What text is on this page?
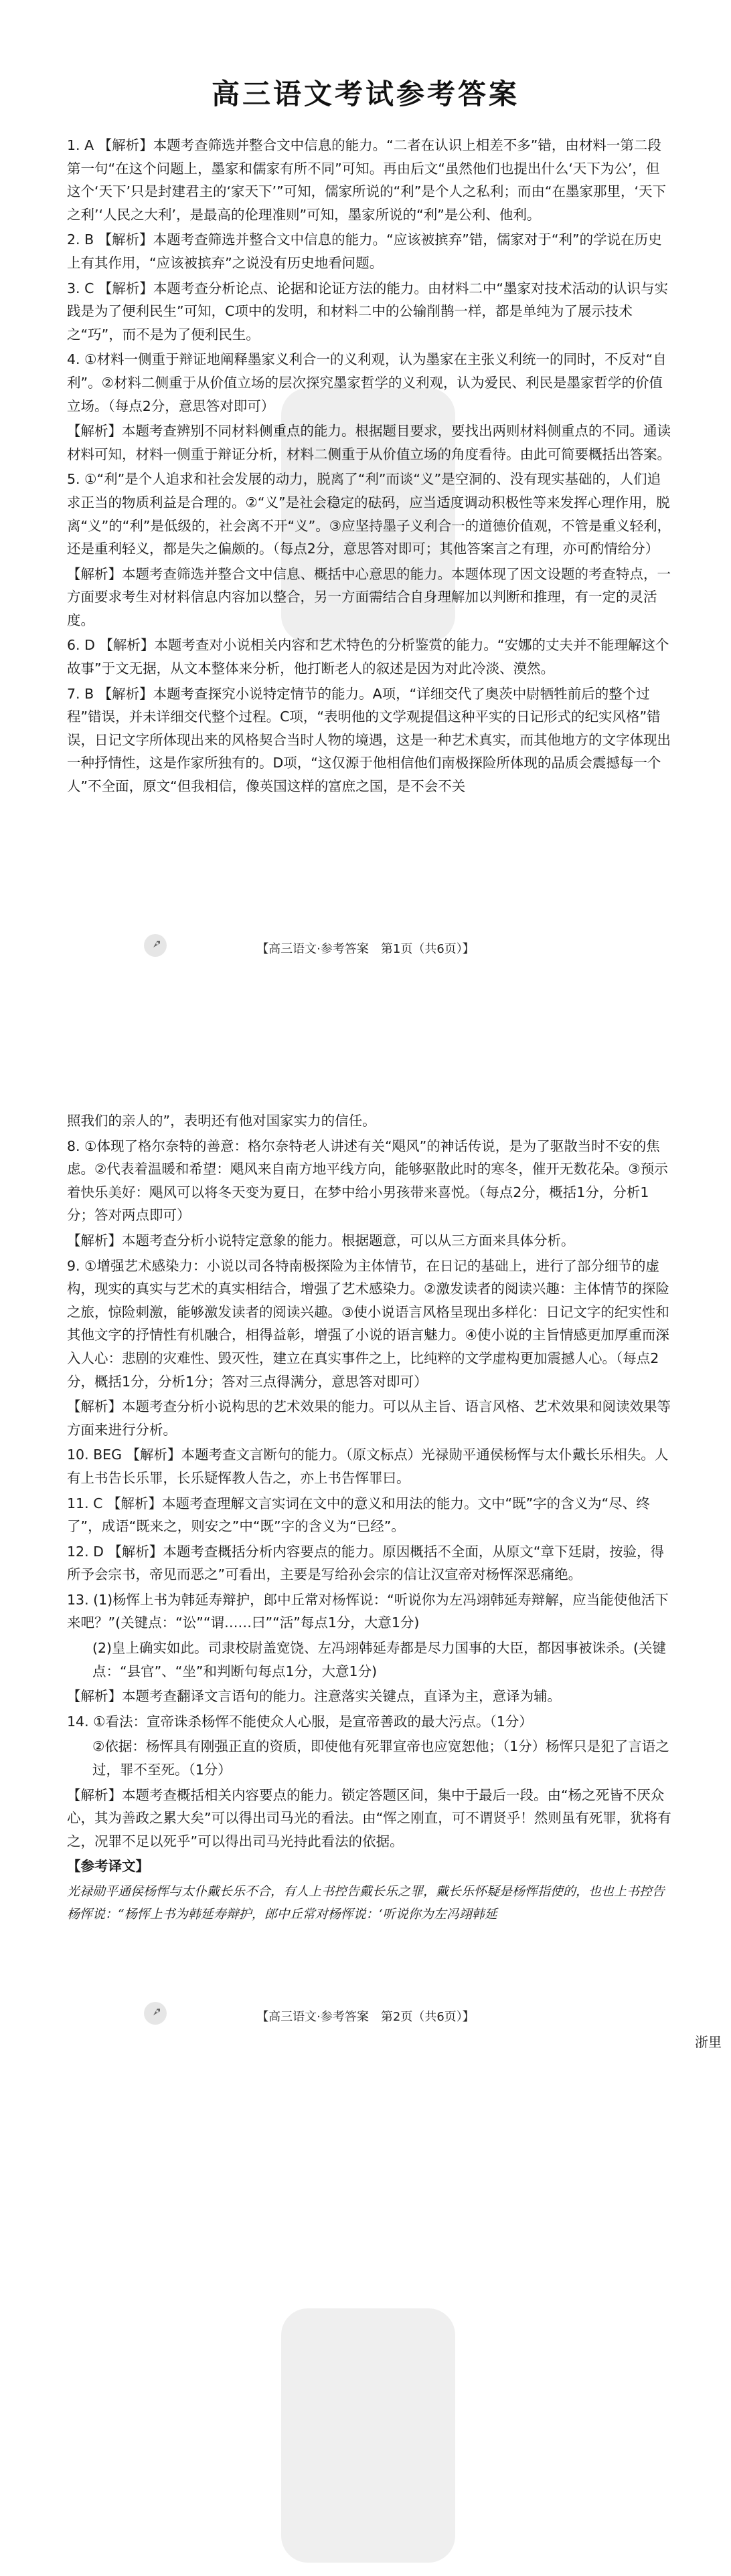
高三语文考试参考答案

1. A 【解析】本题考查筛选并整合文中信息的能力。“二者在认识上相差不多”错，由材料一第二段第一句“在这个问题上，墨家和儒家有所不同”可知。再由后文“虽然他们也提出什么‘天下为公’，但这个‘天下’只是封建君主的‘家天下’”可知，儒家所说的“利”是个人之私利；而由“在墨家那里，‘天下之利’‘人民之大利’，是最高的伦理准则”可知，墨家所说的“利”是公利、他利。

2. B 【解析】本题考查筛选并整合文中信息的能力。“应该被摈弃”错，儒家对于“利”的学说在历史上有其作用，“应该被摈弃”之说没有历史地看问题。

3. C 【解析】本题考查分析论点、论据和论证方法的能力。由材料二中“墨家对技术活动的认识与实践是为了便利民生”可知，C项中的发明，和材料二中的公输削鹊一样，都是单纯为了展示技术之“巧”，而不是为了便利民生。

4. ①材料一侧重于辩证地阐释墨家义利合一的义利观，认为墨家在主张义利统一的同时，不反对“自利”。②材料二侧重于从价值立场的层次探究墨家哲学的义利观，认为爱民、利民是墨家哲学的价值立场。（每点2分，意思答对即可）

【解析】本题考查辨别不同材料侧重点的能力。根据题目要求，要找出两则材料侧重点的不同。通读材料可知，材料一侧重于辩证分析，材料二侧重于从价值立场的角度看待。由此可简要概括出答案。

5. ①“利”是个人追求和社会发展的动力，脱离了“利”而谈“义”是空洞的、没有现实基础的，人们追求正当的物质利益是合理的。②“义”是社会稳定的砝码，应当适度调动积极性等来发挥心理作用，脱离“义”的“利”是低级的，社会离不开“义”。③应坚持墨子义利合一的道德价值观，不管是重义轻利，还是重利轻义，都是失之偏颇的。（每点2分，意思答对即可；其他答案言之有理，亦可酌情给分）

【解析】本题考查筛选并整合文中信息、概括中心意思的能力。本题体现了因文设题的考查特点，一方面要求考生对材料信息内容加以整合，另一方面需结合自身理解加以判断和推理，有一定的灵活度。

6. D 【解析】本题考查对小说相关内容和艺术特色的分析鉴赏的能力。“安娜的丈夫并不能理解这个故事”于文无据，从文本整体来分析，他打断老人的叙述是因为对此冷淡、漠然。

7. B 【解析】本题考查探究小说特定情节的能力。A项，“详细交代了奥茨中尉牺牲前后的整个过程”错误，并未详细交代整个过程。C项，“表明他的文学观提倡这种平实的日记形式的纪实风格”错误，日记文字所体现出来的风格契合当时人物的境遇，这是一种艺术真实，而其他地方的文字体现出一种抒情性，这是作家所独有的。D项，“这仅源于他相信他们南极探险所体现的品质会震撼每一个人”不全面，原文“但我相信，像英国这样的富庶之国，是不会不关

【高三语文·参考答案　第1页（共6页）】

照我们的亲人的”，表明还有他对国家实力的信任。

8. ①体现了格尔奈特的善意：格尔奈特老人讲述有关“飓风”的神话传说，是为了驱散当时不安的焦虑。②代表着温暖和希望：飓风来自南方地平线方向，能够驱散此时的寒冬，催开无数花朵。③预示着快乐美好：飓风可以将冬天变为夏日，在梦中给小男孩带来喜悦。（每点2分，概括1分，分析1分；答对两点即可）

【解析】本题考查分析小说特定意象的能力。根据题意，可以从三方面来具体分析。

9. ①增强艺术感染力：小说以司各特南极探险为主体情节，在日记的基础上，进行了部分细节的虚构，现实的真实与艺术的真实相结合，增强了艺术感染力。②激发读者的阅读兴趣：主体情节的探险之旅，惊险刺激，能够激发读者的阅读兴趣。③使小说语言风格呈现出多样化：日记文字的纪实性和其他文字的抒情性有机融合，相得益彰，增强了小说的语言魅力。④使小说的主旨情感更加厚重而深入人心：悲剧的灾难性、毁灭性，建立在真实事件之上，比纯粹的文学虚构更加震撼人心。（每点2分，概括1分，分析1分；答对三点得满分，意思答对即可）

【解析】本题考查分析小说构思的艺术效果的能力。可以从主旨、语言风格、艺术效果和阅读效果等方面来进行分析。

10. BEG 【解析】本题考查文言断句的能力。（原文标点）光禄勋平通侯杨恽与太仆戴长乐相失。人有上书告长乐罪，长乐疑恽教人告之，亦上书告恽罪曰。

11. C 【解析】本题考查理解文言实词在文中的意义和用法的能力。文中“既”字的含义为“尽、终了”，成语“既来之，则安之”中“既”字的含义为“已经”。

12. D 【解析】本题考查概括分析内容要点的能力。原因概括不全面，从原文“章下廷尉，按验，得所予会宗书，帝见而恶之”可看出，主要是写给孙会宗的信让汉宣帝对杨恽深恶痛绝。

13. (1)杨恽上书为韩延寿辩护，郎中丘常对杨恽说：“听说你为左冯翊韩延寿辩解，应当能使他活下来吧？”(关键点：“讼”“谓……曰”“活”每点1分，大意1分)

(2)皇上确实如此。司隶校尉盖宽饶、左冯翊韩延寿都是尽力国事的大臣，都因事被诛杀。(关键点：“县官”、“坐”和判断句每点1分，大意1分)

【解析】本题考查翻译文言语句的能力。注意落实关键点，直译为主，意译为辅。

14. ①看法：宣帝诛杀杨恽不能使众人心服，是宣帝善政的最大污点。（1分）

②依据：杨恽具有刚强正直的资质，即使他有死罪宣帝也应宽恕他；（1分）杨恽只是犯了言语之过，罪不至死。（1分）

【解析】本题考查概括相关内容要点的能力。锁定答题区间，集中于最后一段。由“杨之死皆不厌众心，其为善政之累大矣”可以得出司马光的看法。由“恽之刚直，可不谓贤乎！然则虽有死罪，犹将有之，况罪不足以死乎”可以得出司马光持此看法的依据。

【参考译文】

光禄勋平通侯杨恽与太仆戴长乐不合，有人上书控告戴长乐之罪，戴长乐怀疑是杨恽指使的，也也上书控告杨恽说：“杨恽上书为韩延寿辩护，郎中丘常对杨恽说：‘听说你为左冯翊韩延

【高三语文·参考答案　第2页（共6页）】
浙里
